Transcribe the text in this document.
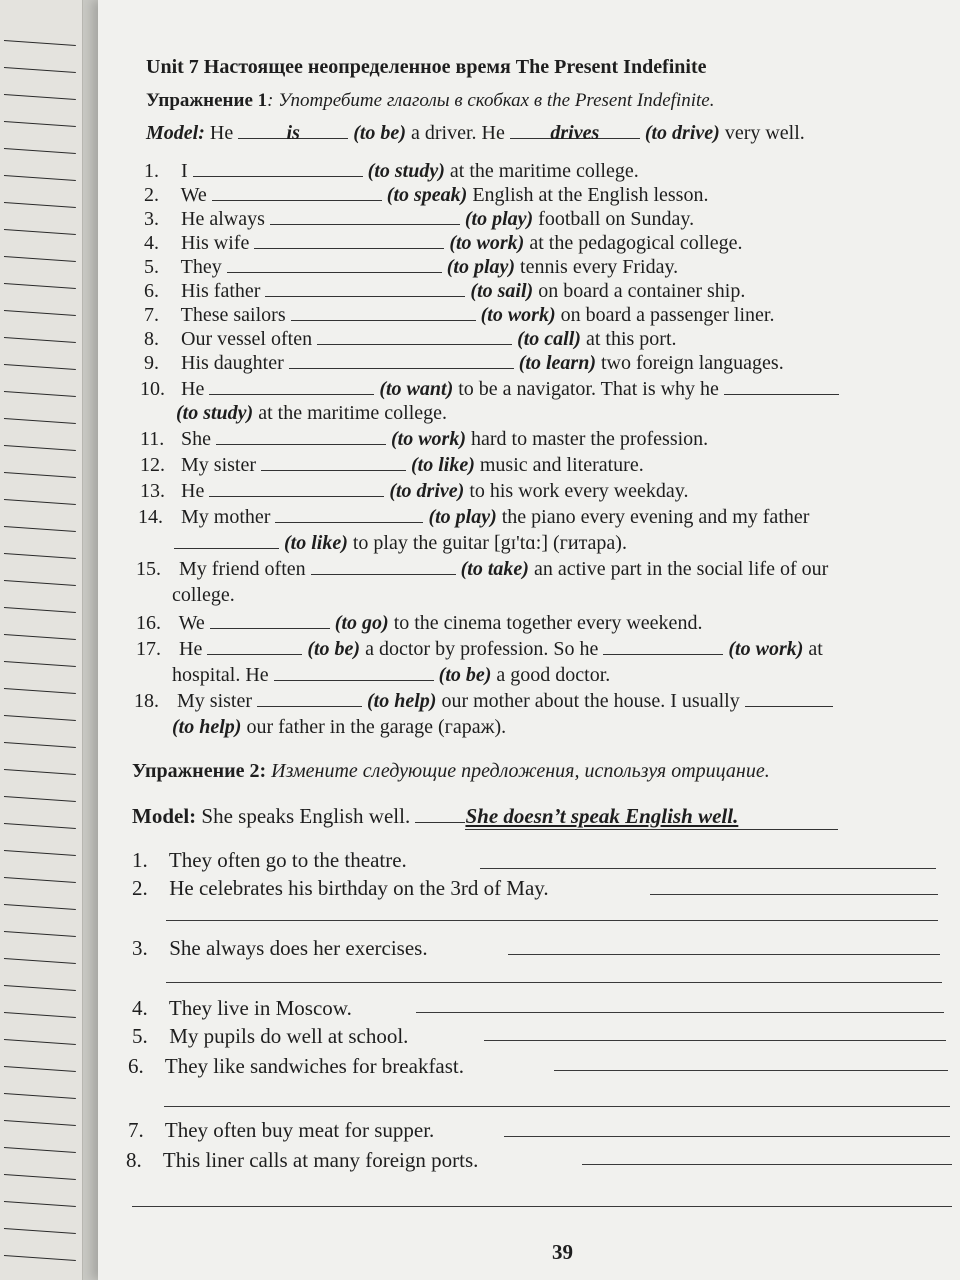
Unit 7 Настоящее неопределенное время The Present Indefinite
Упражнение 1: Употребите глаголы в скобках в the Present Indefinite.
Model: He	is	(to be) a driver. He drives (to drive) very well.
1. I	(to study) at the maritime college.
2. We	(to speak) English at the English lesson.
3. He always	(to play) football on Sunday.
4. His wife	(to work) at the pedagogical college.
5. They	(to play) tennis every Friday.
6. His father	(to sail) on board a container ship.
7. These sailors	(to work) on board a passenger liner.
8. Our vessel often	(to call) at this port.
9. His daughter	(to learn) two foreign languages.
10. He	(to want) to be a navigator. That is why he
(to study) at the maritime college.
11. She	(to work) hard to master the profession.
12. My sister	(to like) music and literature.
13. He	(to drive) to his work every weekday.
14. My mother	(to play) the piano every evening and my father
(to like) to play the guitar [gɪ'tɑ:] (гитара).
15. My friend often	(to take) an active part in the social life of our
college.
16. We	(to go) to the cinema together every weekend.
17. He	(to be) a doctor by profession. So he	(to work) at
hospital. He	(to be) a good doctor.
18. My sister	(to help) our mother about the house. I usually
(to help) our father in the garage (гараж).
Упражнение 2: Измените следующие предложения, используя отрицание.
Model: She speaks English well.	She doesn’t speak English well.
1. They often go to the theatre.
2. He celebrates his birthday on the 3rd of May.
3. She always does her exercises.
4. They live in Moscow.
5. My pupils do well at school.
6. They like sandwiches for breakfast.
7. They often buy meat for supper.
8. This liner calls at many foreign ports.
39
